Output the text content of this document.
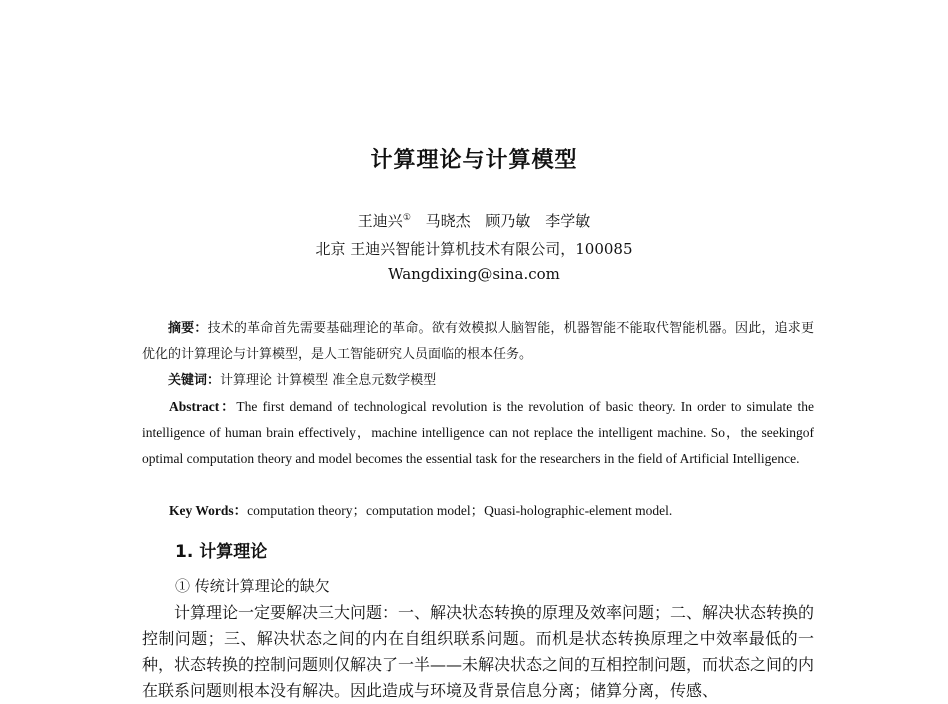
计算理论与计算模型
王迪兴① 马晓杰 顾乃敏 李学敏
北京 王迪兴智能计算机技术有限公司，100085
Wangdixing@sina.com
摘要：技术的革命首先需要基础理论的革命。欲有效模拟人脑智能，机器智能不能取代智能机器。因此，追求更优化的计算理论与计算模型，是人工智能研究人员面临的根本任务。
关键词：计算理论 计算模型 准全息元数学模型
Abstract：The first demand of technological revolution is the revolution of basic theory. In order to simulate the intelligence of human brain effectively，machine intelligence can not replace the intelligent machine. So，the seekingof optimal computation theory and model becomes the essential task for the researchers in the field of Artificial Intelligence.
Key Words：computation theory；computation model；Quasi-holographic-element model.
1. 计算理论
① 传统计算理论的缺欠
计算理论一定要解决三大问题：一、解决状态转换的原理及效率问题；二、解决状态转换的控制问题；三、解决状态之间的内在自组织联系问题。而机是状态转换原理之中效率最低的一种，状态转换的控制问题则仅解决了一半——未解决状态之间的互相控制问题，而状态之间的内在联系问题则根本没有解决。因此造成与环境及背景信息分离；储算分离，传感、
